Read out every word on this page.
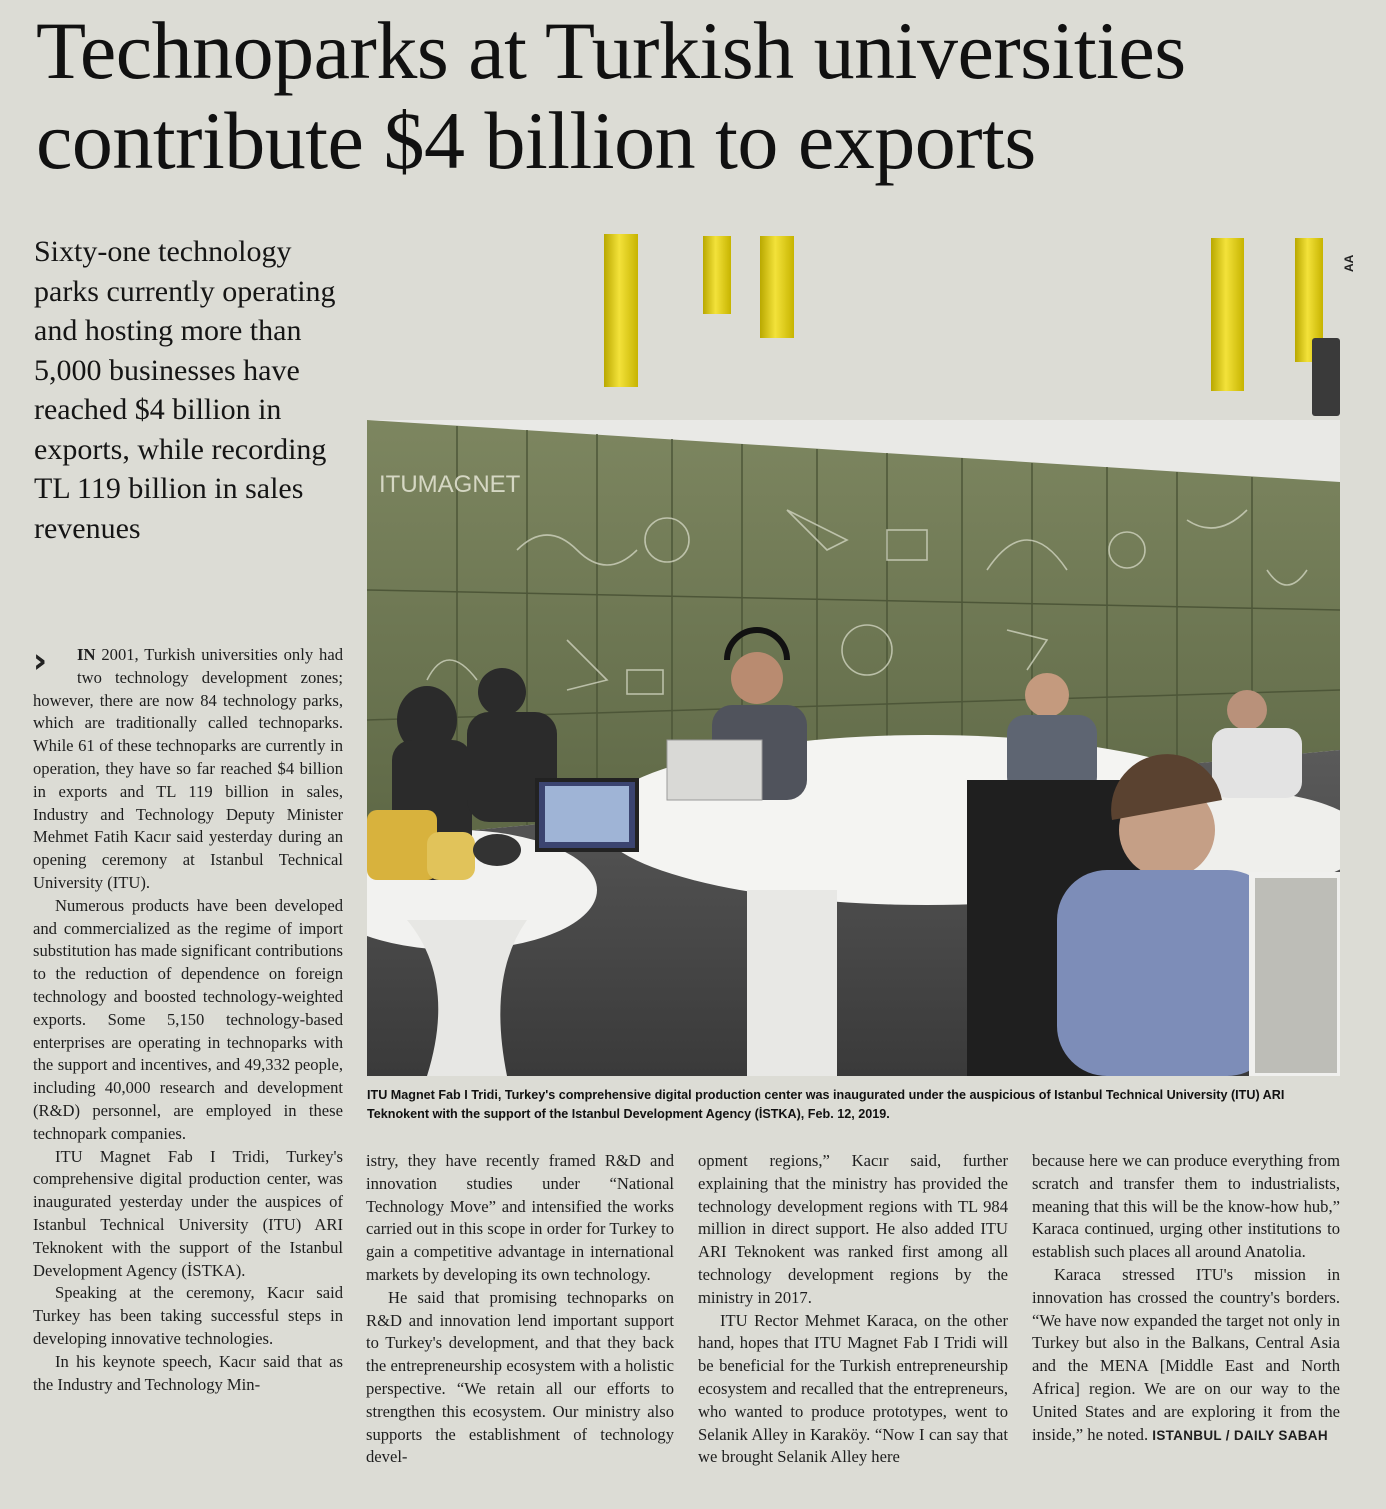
Technoparks at Turkish universities
contribute $4 billion to exports
Sixty-one technology parks currently operating and hosting more than 5,000 businesses have reached $4 billion in exports, while recording TL 119 billion in sales revenues
AA
ITUMAGNET
ITU Magnet Fab I Tridi, Turkey's comprehensive digital production center was inaugurated under the auspicious of Istanbul Technical University (ITU) ARI Teknokent with the support of the Istanbul Development Agency (İSTKA), Feb. 12, 2019.

››	IN 2001, Turkish universities only had two technology development zones; however, there are now 84 technology parks, which are traditionally called technoparks. While 61 of these technoparks are currently in operation, they have so far reached $4 billion in exports and TL 119 billion in sales, Industry and Technology Deputy Minister Mehmet Fatih Kacır said yesterday during an opening ceremony at Istanbul Technical University (ITU).

Numerous products have been developed and commercialized as the regime of import substitution has made significant contributions to the reduction of dependence on foreign technology and boosted technology-weighted exports. Some 5,150 technology-based enterprises are operating in technoparks with the support and incentives, and 49,332 people, including 40,000 research and development (R&D) personnel, are employed in these technopark companies.

ITU Magnet Fab I Tridi, Turkey's comprehensive digital production center, was inaugurated yesterday under the auspices of Istanbul Technical University (ITU) ARI Teknokent with the support of the Istanbul Development Agency (İSTKA).

Speaking at the ceremony, Kacır said Turkey has been taking successful steps in developing innovative technologies.

In his keynote speech, Kacır said that as the Industry and Technology Min-

istry, they have recently framed R&D and innovation studies under “National Technology Move” and intensified the works carried out in this scope in order for Turkey to gain a competitive advantage in international markets by developing its own technology.

He said that promising technoparks on R&D and innovation lend important support to Turkey's development, and that they back the entrepreneurship ecosystem with a holistic perspective. “We retain all our efforts to strengthen this ecosystem. Our ministry also supports the establishment of technology devel-

opment regions,” Kacır said, further explaining that the ministry has provided the technology development regions with TL 984 million in direct support. He also added ITU ARI Teknokent was ranked first among all technology development regions by the ministry in 2017.

ITU Rector Mehmet Karaca, on the other hand, hopes that ITU Magnet Fab I Tridi will be beneficial for the Turkish entrepreneurship ecosystem and recalled that the entrepreneurs, who wanted to produce prototypes, went to Selanik Alley in Karaköy. “Now I can say that we brought Selanik Alley here

because here we can produce everything from scratch and transfer them to industrialists, meaning that this will be the know-how hub,” Karaca continued, urging other institutions to establish such places all around Anatolia.

Karaca stressed ITU's mission in innovation has crossed the country's borders. “We have now expanded the target not only in Turkey but also in the Balkans, Central Asia and the MENA [Middle East and North Africa] region. We are on our way to the United States and are exploring it from the inside,” he noted. ISTANBUL / DAILY SABAH
